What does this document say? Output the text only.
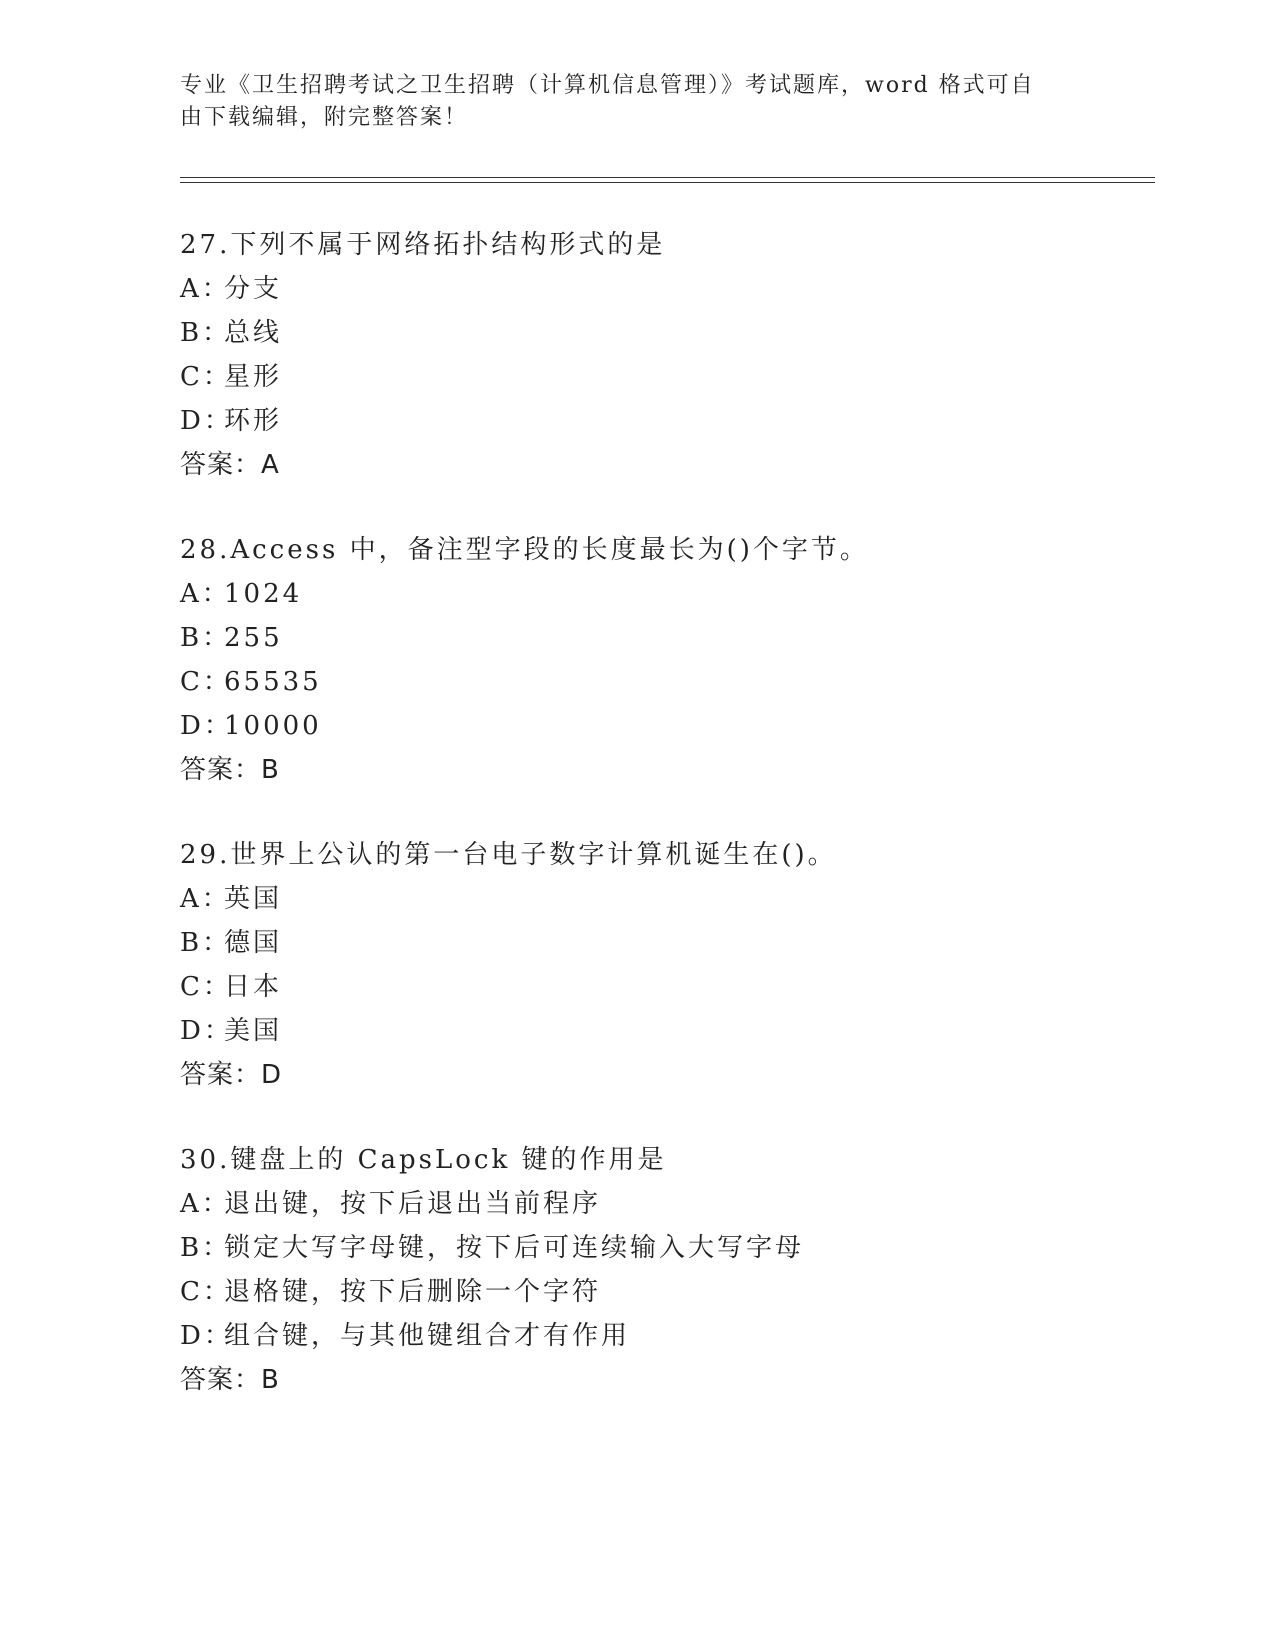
专业《卫生招聘考试之卫生招聘（计算机信息管理）》考试题库，word 格式可自
由下载编辑，附完整答案！
27.下列不属于网络拓扑结构形式的是
A：分支
B：总线
C：星形
D：环形
答案：A
28.Access 中，备注型字段的长度最长为()个字节。
A：1024
B：255
C：65535
D：10000
答案：B
29.世界上公认的第一台电子数字计算机诞生在()。
A：英国
B：德国
C：日本
D：美国
答案：D
30.键盘上的 CapsLock 键的作用是
A：退出键，按下后退出当前程序
B：锁定大写字母键，按下后可连续输入大写字母
C：退格键，按下后删除一个字符
D：组合键，与其他键组合才有作用
答案：B
